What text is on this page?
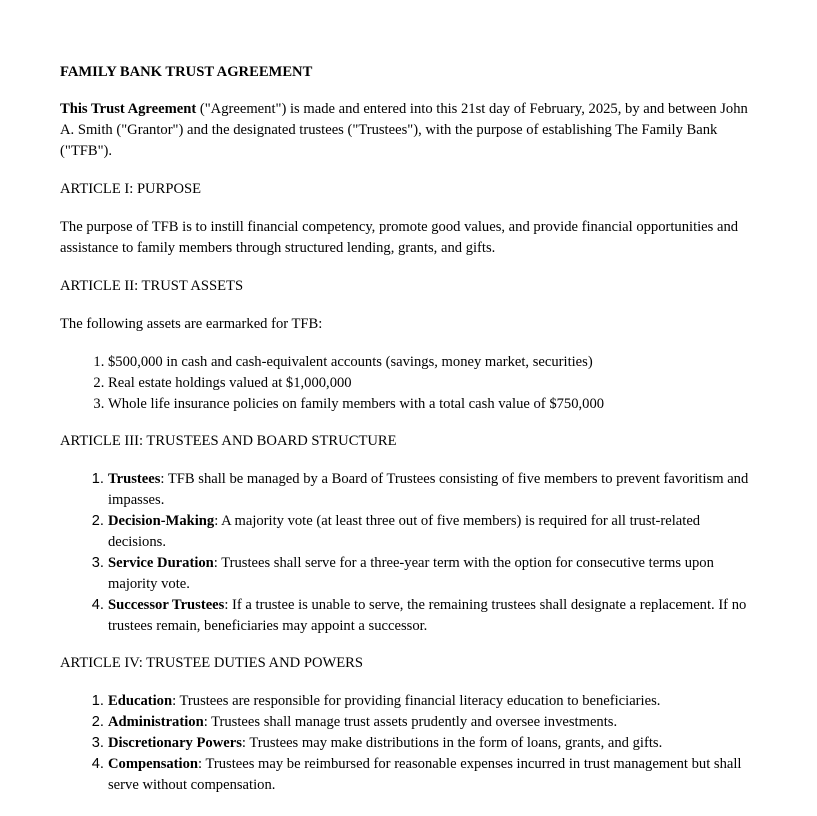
FAMILY BANK TRUST AGREEMENT

This Trust Agreement ("Agreement") is made and entered into this 21st day of February, 2025, by and between John A. Smith ("Grantor") and the designated trustees ("Trustees"), with the purpose of establishing The Family Bank ("TFB").

ARTICLE I: PURPOSE

The purpose of TFB is to instill financial competency, promote good values, and provide financial opportunities and assistance to family members through structured lending, grants, and gifts.

ARTICLE II: TRUST ASSETS

The following assets are earmarked for TFB:

1. $500,000 in cash and cash-equivalent accounts (savings, money market, securities)
2. Real estate holdings valued at $1,000,000
3. Whole life insurance policies on family members with a total cash value of $750,000

ARTICLE III: TRUSTEES AND BOARD STRUCTURE

1. Trustees: TFB shall be managed by a Board of Trustees consisting of five members to prevent favoritism and impasses.
2. Decision-Making: A majority vote (at least three out of five members) is required for all trust-related decisions.
3. Service Duration: Trustees shall serve for a three-year term with the option for consecutive terms upon majority vote.
4. Successor Trustees: If a trustee is unable to serve, the remaining trustees shall designate a replacement. If no trustees remain, beneficiaries may appoint a successor.

ARTICLE IV: TRUSTEE DUTIES AND POWERS

1. Education: Trustees are responsible for providing financial literacy education to beneficiaries.
2. Administration: Trustees shall manage trust assets prudently and oversee investments.
3. Discretionary Powers: Trustees may make distributions in the form of loans, grants, and gifts.
4. Compensation: Trustees may be reimbursed for reasonable expenses incurred in trust management but shall serve without compensation.
